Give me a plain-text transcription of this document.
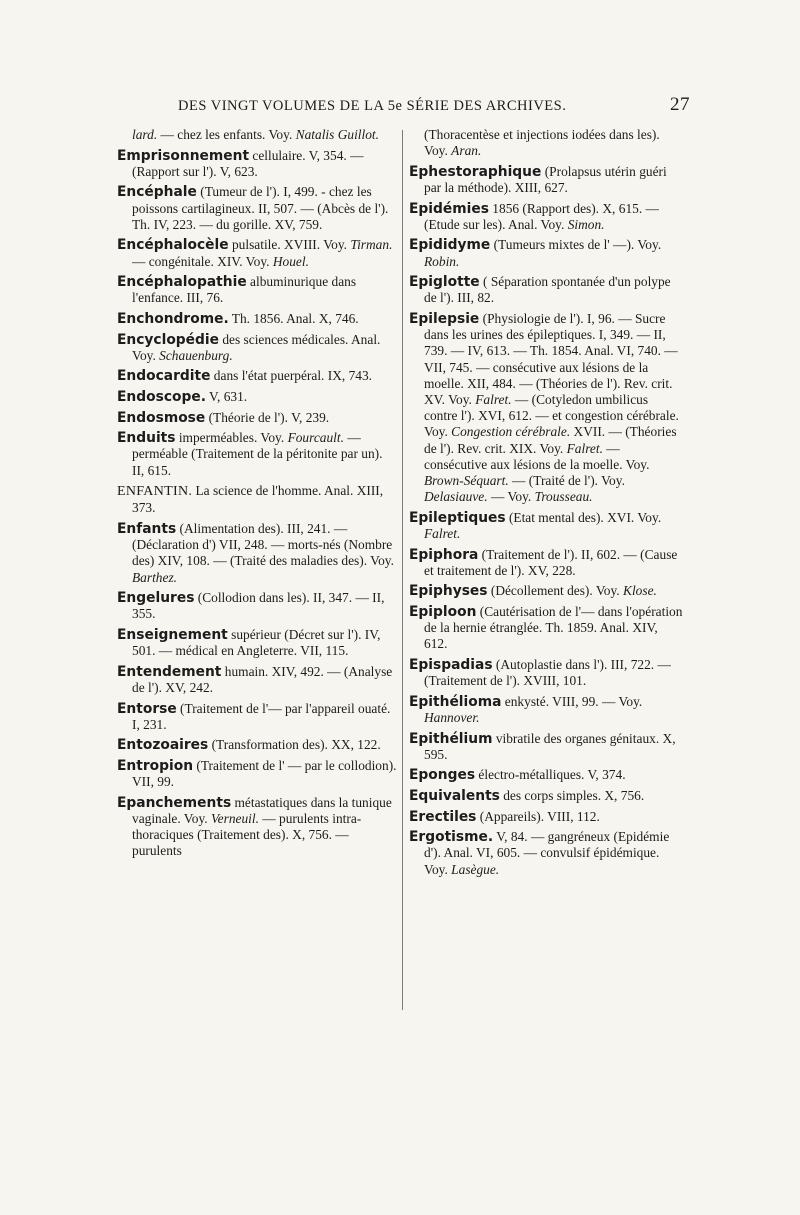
DES VINGT VOLUMES DE LA 5e SÉRIE DES ARCHIVES.	27
lard. — chez les enfants. Voy. Natalis Guillot.
Emprisonnement cellulaire. V, 354. — (Rapport sur l'). V, 623.
Encéphale (Tumeur de l'). I, 499. - chez les poissons cartilagineux. II, 507. — (Abcès de l'). Th. IV, 223. — du gorille. XV, 759.
Encéphalocèle pulsatile. XVIII. Voy. Tirman. — congénitale. XIV. Voy. Houel.
Encéphalopathie albuminurique dans l'enfance. III, 76.
Enchondrome. Th. 1856. Anal. X, 746.
Encyclopédie des sciences médicales. Anal. Voy. Schauenburg.
Endocardite dans l'état puerpéral. IX, 743.
Endoscope. V, 631.
Endosmose (Théorie de l'). V, 239.
Enduits imperméables. Voy. Fourcault. — perméable (Traitement de la péritonite par un). II, 615.
ENFANTIN. La science de l'homme. Anal. XIII, 373.
Enfants (Alimentation des). III, 241. — (Déclaration d') VII, 248. — morts-nés (Nombre des) XIV, 108. — (Traité des maladies des). Voy. Barthez.
Engelures (Collodion dans les). II, 347. — II, 355.
Enseignement supérieur (Décret sur l'). IV, 501. — médical en Angleterre. VII, 115.
Entendement humain. XIV, 492. — (Analyse de l'). XV, 242.
Entorse (Traitement de l'— par l'appareil ouaté. I, 231.
Entozoaires (Transformation des). XX, 122.
Entropion (Traitement de l' — par le collodion). VII, 99.
Epanchements métastatiques dans la tunique vaginale. Voy. Verneuil. — purulents intra-thoraciques (Traitement des). X, 756. — purulents
(Thoracentèse et injections iodées dans les). Voy. Aran.
Ephestoraphique (Prolapsus utérin guéri par la méthode). XIII, 627.
Epidémies 1856 (Rapport des). X, 615. — (Etude sur les). Anal. Voy. Simon.
Epididyme (Tumeurs mixtes de l' —). Voy. Robin.
Epiglotte ( Séparation spontanée d'un polype de l'). III, 82.
Epilepsie (Physiologie de l'). I, 96. — Sucre dans les urines des épileptiques. I, 349. — II, 739. — IV, 613. — Th. 1854. Anal. VI, 740. — VII, 745. — consécutive aux lésions de la moelle. XII, 484. — (Théories de l'). Rev. crit. XV. Voy. Falret. — (Cotyledon umbilicus contre l'). XVI, 612. — et congestion cérébrale. Voy. Congestion cérébrale. XVII. — (Théories de l'). Rev. crit. XIX. Voy. Falret. — consécutive aux lésions de la moelle. Voy. Brown-Séquart. — (Traité de l'). Voy. Delasiauve. — Voy. Trousseau.
Epileptiques (Etat mental des). XVI. Voy. Falret.
Epiphora (Traitement de l'). II, 602. — (Cause et traitement de l'). XV, 228.
Epiphyses (Décollement des). Voy. Klose.
Epiploon (Cautérisation de l'— dans l'opération de la hernie étranglée. Th. 1859. Anal. XIV, 612.
Epispadias (Autoplastie dans l'). III, 722. — (Traitement de l'). XVIII, 101.
Epithélioma enkysté. VIII, 99. — Voy. Hannover.
Epithélium vibratile des organes génitaux. X, 595.
Eponges électro-métalliques. V, 374.
Equivalents des corps simples. X, 756.
Erectiles (Appareils). VIII, 112.
Ergotisme. V, 84. — gangréneux (Epidémie d'). Anal. VI, 605. — convulsif épidémique. Voy. Lasègue.
